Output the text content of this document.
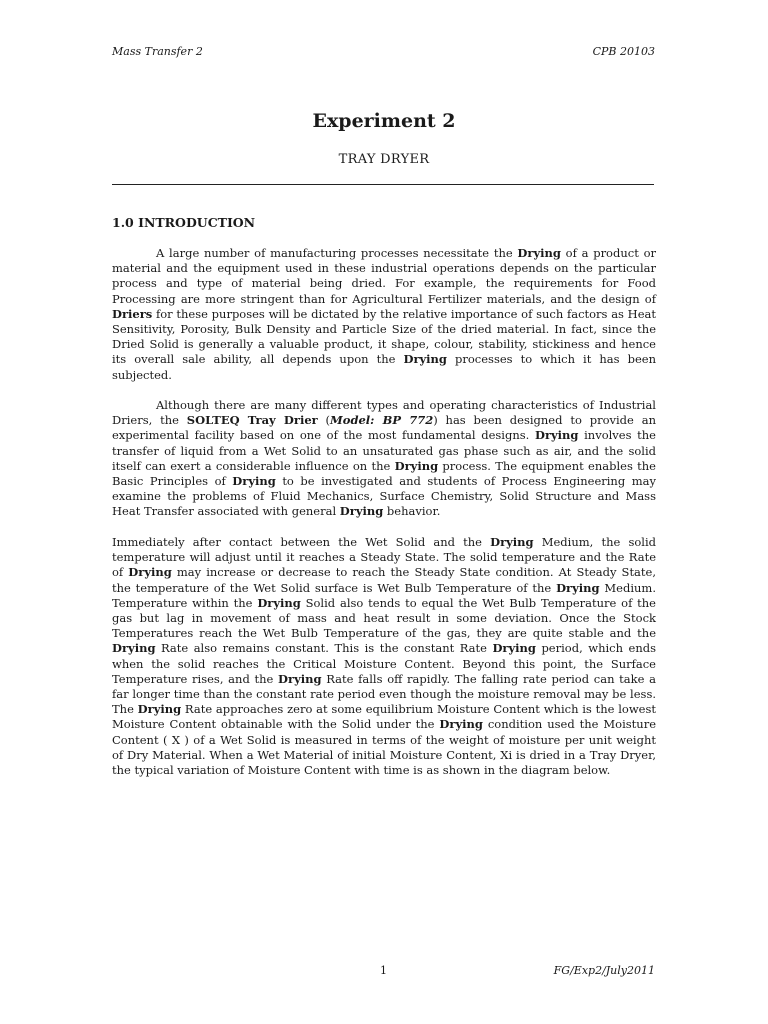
Mass Transfer 2	CPB 20103
Experiment 2
TRAY DRYER
1.0 INTRODUCTION

A large number of manufacturing processes necessitate the Drying of a product or material and the equipment used in these industrial operations depends on the particular process and type of material being dried. For example, the requirements for Food Processing are more stringent than for Agricultural Fertilizer materials, and the design of Driers for these purposes will be dictated by the relative importance of such factors as Heat Sensitivity, Porosity, Bulk Density and Particle Size of the dried material. In fact, since the Dried Solid is generally a valuable product, it shape, colour, stability, stickiness and hence its overall sale ability, all depends upon the Drying processes to which it has been subjected.

Although there are many different types and operating characteristics of Industrial Driers, the SOLTEQ Tray Drier (Model: BP 772) has been designed to provide an experimental facility based on one of the most fundamental designs. Drying involves the transfer of liquid from a Wet Solid to an unsaturated gas phase such as air, and the solid itself can exert a considerable influence on the Drying process. The equipment enables the Basic Principles of Drying to be investigated and students of Process Engineering may examine the problems of Fluid Mechanics, Surface Chemistry, Solid Structure and Mass Heat Transfer associated with general Drying behavior.

Immediately after contact between the Wet Solid and the Drying Medium, the solid temperature will adjust until it reaches a Steady State. The solid temperature and the Rate of Drying may increase or decrease to reach the Steady State condition. At Steady State, the temperature of the Wet Solid surface is Wet Bulb Temperature of the Drying Medium. Temperature within the Drying Solid also tends to equal the Wet Bulb Temperature of the gas but lag in movement of mass and heat result in some deviation. Once the Stock Temperatures reach the Wet Bulb Temperature of the gas, they are quite stable and the Drying Rate also remains constant. This is the constant Rate Drying period, which ends when the solid reaches the Critical Moisture Content. Beyond this point, the Surface Temperature rises, and the Drying Rate falls off rapidly. The falling rate period can take a far longer time than the constant rate period even though the moisture removal may be less. The Drying Rate approaches zero at some equilibrium Moisture Content which is the lowest Moisture Content obtainable with the Solid under the Drying condition used the Moisture Content ( X ) of a Wet Solid is measured in terms of the weight of moisture per unit weight of Dry Material. When a Wet Material of initial Moisture Content, Xi is dried in a Tray Dryer, the typical variation of Moisture Content with time is as shown in the diagram below.

1	FG/Exp2/July2011
